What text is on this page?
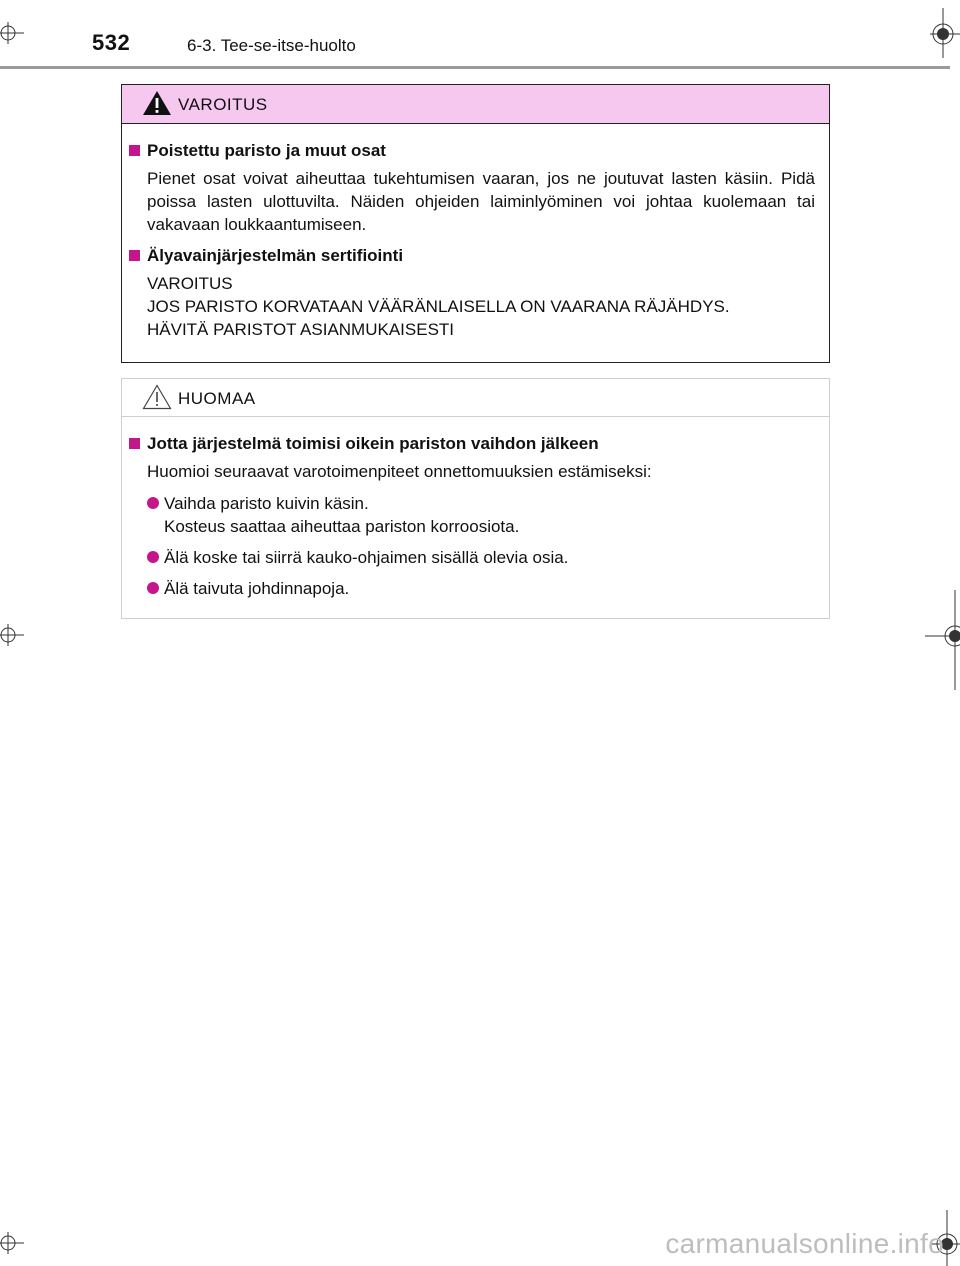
532	6-3. Tee-se-itse-huolto
VAROITUS
Poistettu paristo ja muut osat
Pienet osat voivat aiheuttaa tukehtumisen vaaran, jos ne joutuvat lasten käsiin. Pidä poissa lasten ulottuvilta. Näiden ohjeiden laiminlyöminen voi johtaa kuolemaan tai vakavaan loukkaantumiseen.
Älyavainjärjestelmän sertifiointi
VAROITUS
JOS PARISTO KORVATAAN VÄÄRÄNLAISELLA ON VAARANA RÄJÄHDYS.
HÄVITÄ PARISTOT ASIANMUKAISESTI
HUOMAA
Jotta järjestelmä toimisi oikein pariston vaihdon jälkeen
Huomioi seuraavat varotoimenpiteet onnettomuuksien estämiseksi:
Vaihda paristo kuivin käsin.
Kosteus saattaa aiheuttaa pariston korroosiota.
Älä koske tai siirrä kauko-ohjaimen sisällä olevia osia.
Älä taivuta johdinnapoja.
carmanualsonline.info
